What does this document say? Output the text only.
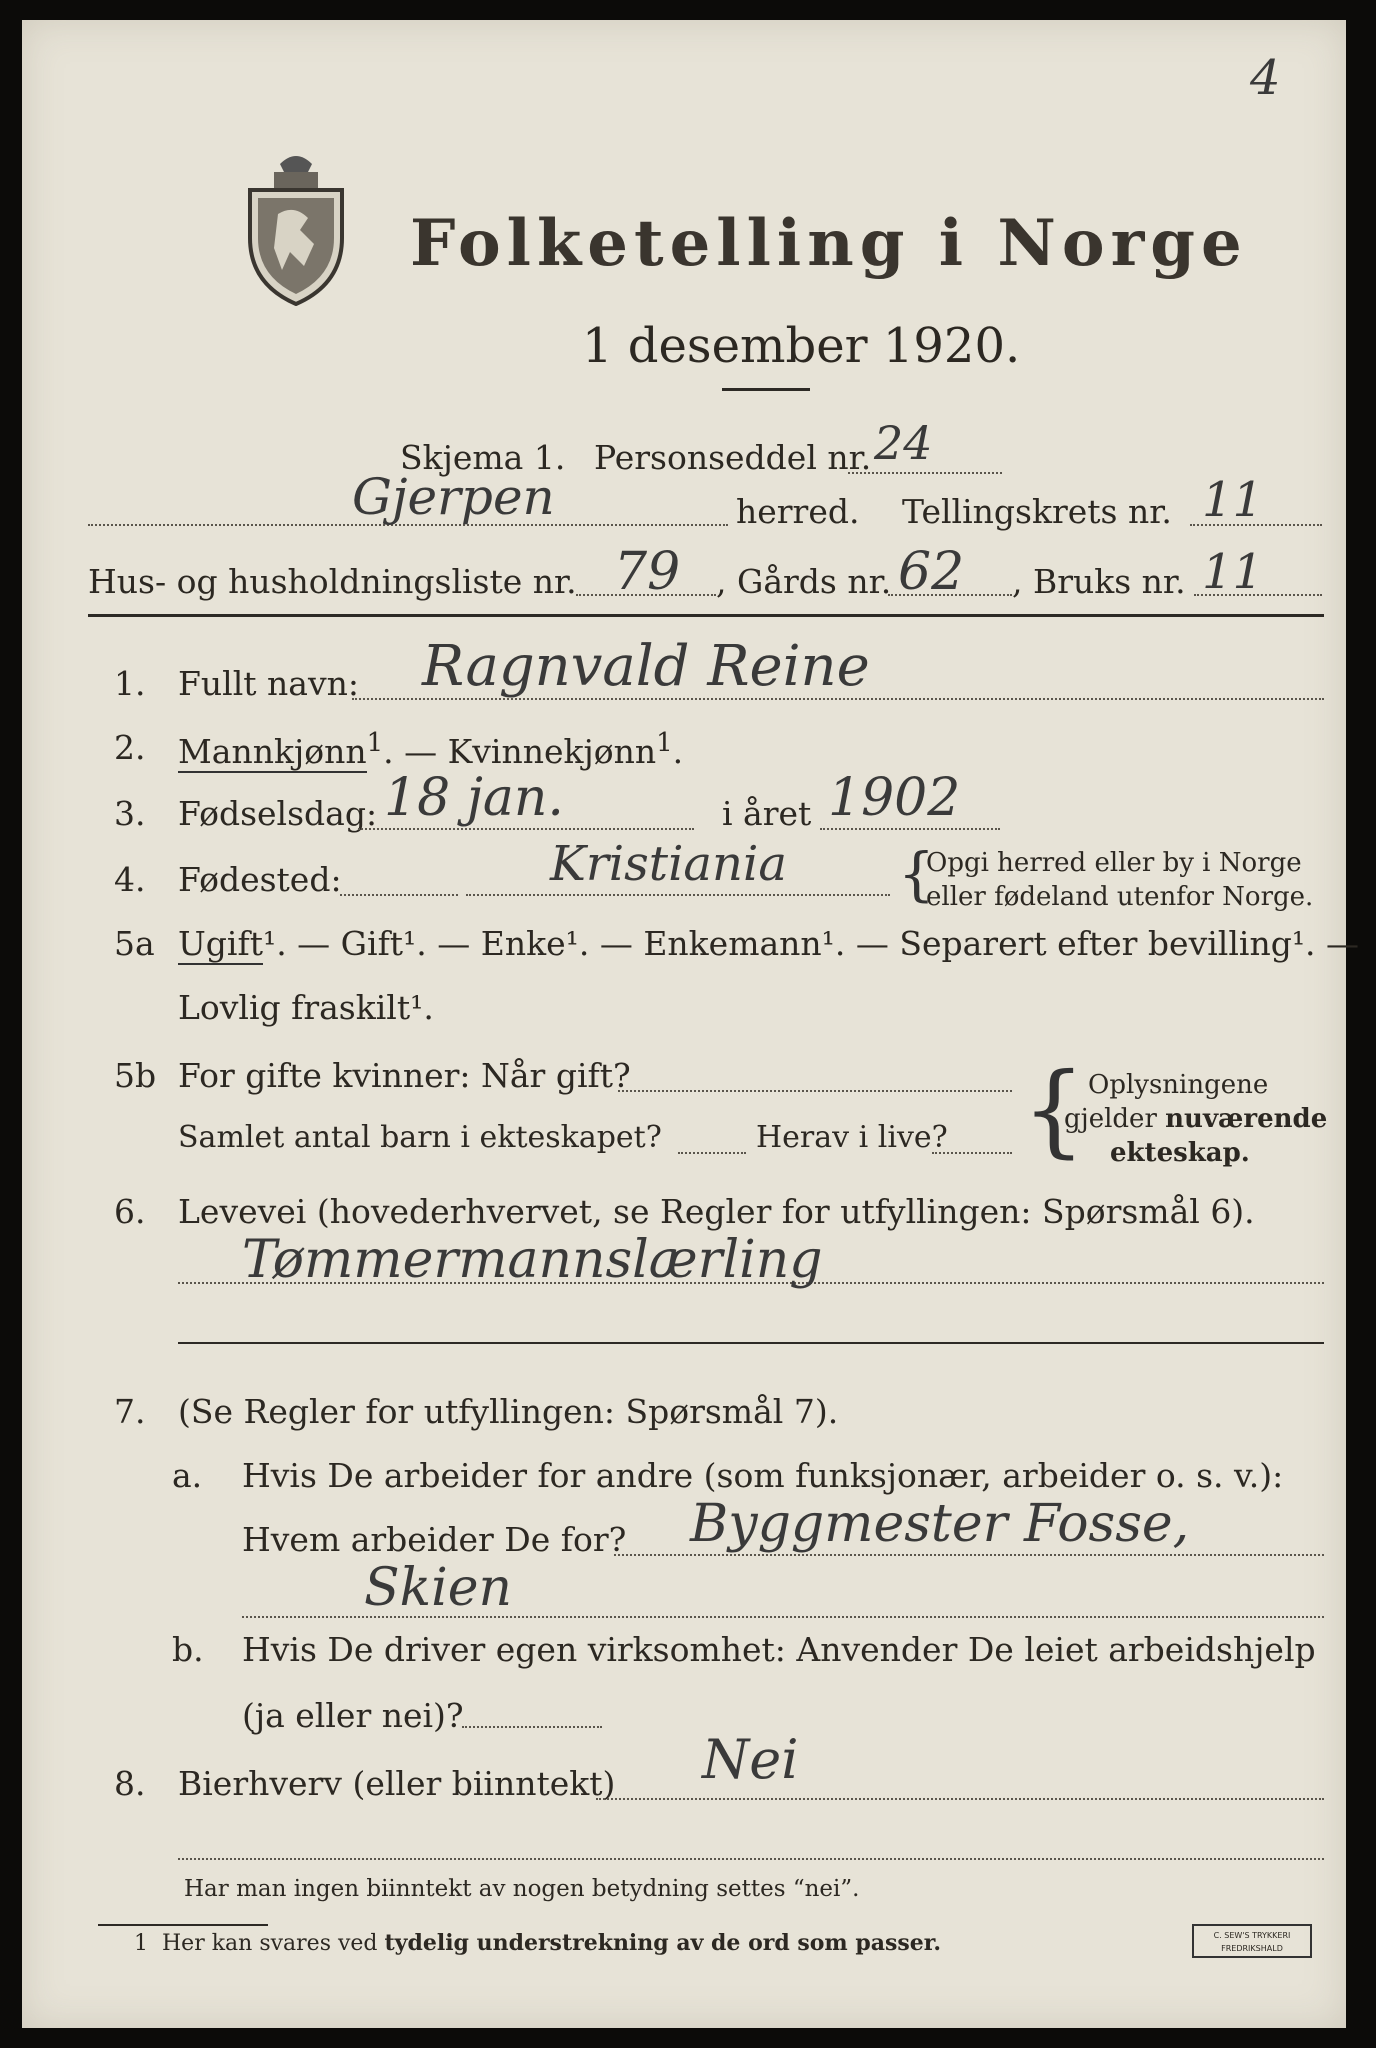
4
Folketelling i Norge
1 desember 1920.
Skjema 1. Personseddel nr. 24
Gjerpen	herred. Tellingskrets nr. 11
Hus- og husholdningsliste nr. 79 , Gårds nr. 62 , Bruks nr. 11
1. Fullt navn: Ragnvald Reine
2. Mannkjønn$^1$. — Kvinnekjønn$^1$.
3. Fødselsdag: 18 jan.	i året 1902
4. Fødested:	Kristiania {
Opgi herred eller by i Norge
eller fødeland utenfor Norge.
5a Ugift¹. — Gift¹. — Enke¹. — Enkemann¹. — Separert efter bevilling¹. —
Lovlig fraskilt¹.
5b For gifte kvinner: Når gift?
Samlet antal barn i ekteskapet?	Herav i live? { Oplysningene
gjelder nuværende
ekteskap.
6. Levevei (hovederhvervet, se Regler for utfyllingen: Spørsmål 6).
Tømmermannslærling
7. (Se Regler for utfyllingen: Spørsmål 7).
a. Hvis De arbeider for andre (som funksjonær, arbeider o. s. v.):
Hvem arbeider De for? Byggmester Fosse,
Skien
b. Hvis De driver egen virksomhet: Anvender De leiet arbeidshjelp
(ja eller nei)?
8. Bierhverv (eller biinntekt) Nei
Har man ingen biinntekt av nogen betydning settes “nei”.
1 Her kan svares ved tydelig understrekning av de ord som passer.	C. SEW'S TRYKKERI
FREDRIKSHALD
